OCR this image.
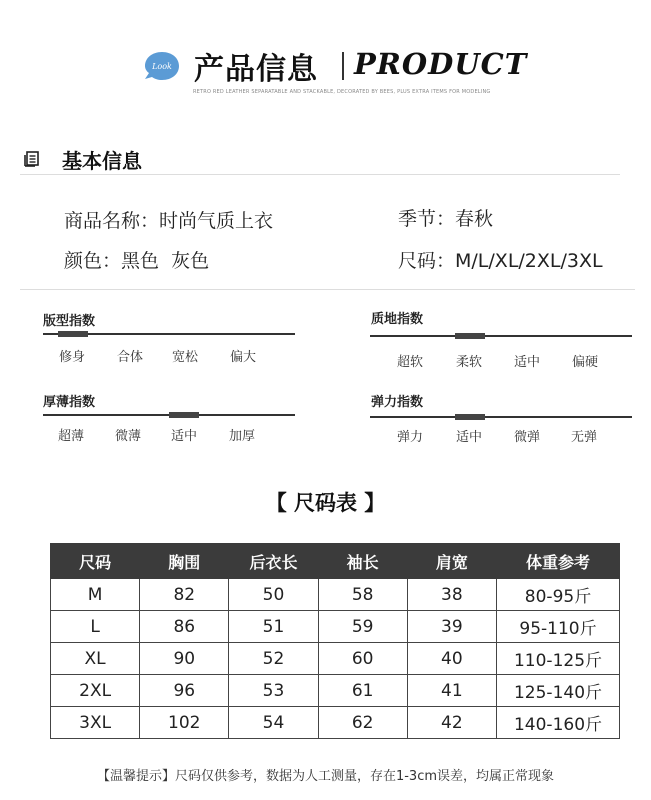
Look 产品信息 PRODUCT
RETRO RED LEATHER SEPARATABLE AND STACKABLE, DECORATED BY BEES, PLUS EXTRA ITEMS FOR MODELING
基本信息
商品名称：时尚气质上衣	季节：春秋
颜色：黑色  灰色	尺码：M/L/XL/2XL/3XL
版型指数
修身 合体 宽松 偏大
质地指数
超软	柔软 适中 偏硬
厚薄指数
超薄 微薄 适中 加厚
弹力指数
弹力	适中 微弹 无弹
【 尺码表 】
尺码	胸围	后衣长	袖长	肩宽	体重参考
M	82	50	58	38	80-95斤
L	86	51	59	39	95-110斤
XL	90	52	60	40	110-125斤
2XL	96	53	61	41	125-140斤
3XL	102	54	62	42	140-160斤
【温馨提示】尺码仅供参考，数据为人工测量，存在1-3cm误差，均属正常现象
